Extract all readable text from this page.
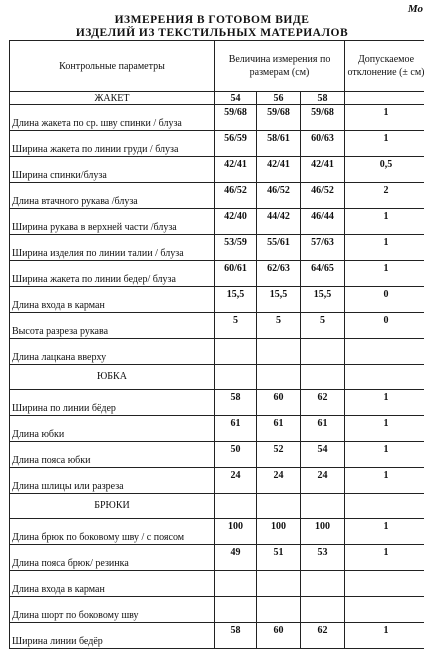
Мо
ИЗМЕРЕНИЯ В ГОТОВОМ ВИДЕ
ИЗДЕЛИЙ ИЗ ТЕКСТИЛЬНЫХ МАТЕРИАЛОВ
Контрольные параметры	Величина измерения по размерам (см)			Допускаемое отклонение (± см)
ЖАКЕТ	54	56	58	
Длина жакета по ср. шву спинки / блуза	59/68	59/68	59/68	1
Ширина жакета по линии груди / блуза	56/59	58/61	60/63	1
Ширина спинки/блуза	42/41	42/41	42/41	0,5
Длина втачного рукава /блуза	46/52	46/52	46/52	2
Ширина рукава в верхней части /блуза	42/40	44/42	46/44	1
Ширина изделия по линии талии / блуза	53/59	55/61	57/63	1
Ширина жакета по линии бедер/ блуза	60/61	62/63	64/65	1
Длина входа в карман	15,5	15,5	15,5	0
Высота разреза рукава	5	5	5	0
Длина лацкана вверху				
ЮБКА				
Ширина по линии бёдер	58	60	62	1
Длина юбки	61	61	61	1
Длина пояса юбки	50	52	54	1
Длина шлицы или разреза	24	24	24	1
БРЮКИ				
Длина брюк по боковому шву / с поясом	100	100	100	1
Длина пояса брюк/ резинка	49	51	53	1
Длина входа в карман				
Длина шорт по боковому шву				
Ширина линии бедёр	58	60	62	1
